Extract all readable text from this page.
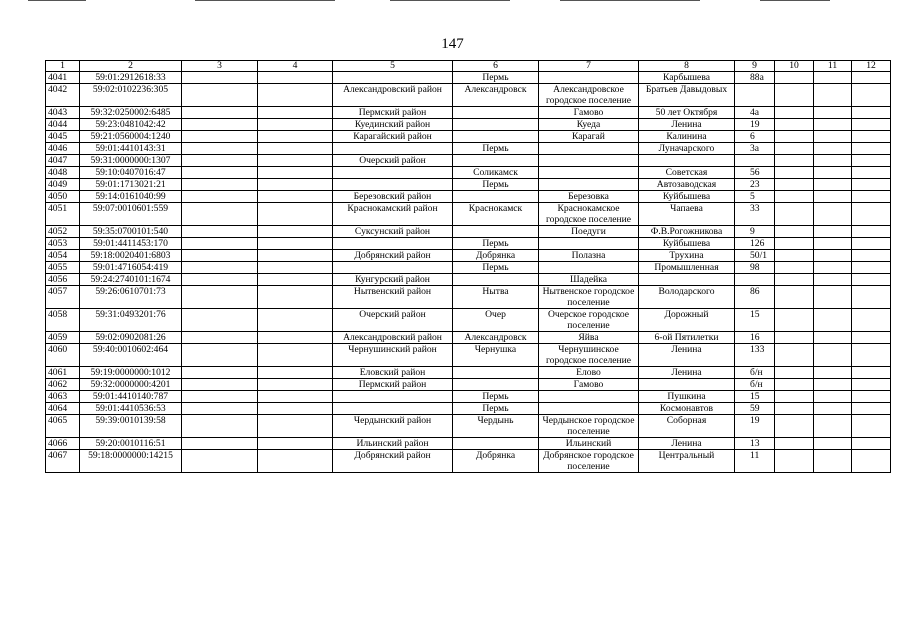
147
1	2	3	4	5	6	7	8	9	10	11	12
4041	59:01:2912618:33				Пермь		Карбышева	88а			
4042	59:02:0102236:305			Александровский район	Александровск	Александровское городское поселение	Братьев Давыдовых				
4043	59:32:0250002:6485			Пермский район		Гамово	50 лет Октября	4а			
4044	59:23:0481042:42			Куединский район		Куеда	Ленина	19			
4045	59:21:0560004:1240			Карагайский район		Карагай	Калинина	6			
4046	59:01:4410143:31				Пермь		Луначарского	3а			
4047	59:31:0000000:1307			Очерский район							
4048	59:10:0407016:47				Соликамск		Советская	56			
4049	59:01:1713021:21				Пермь		Автозаводская	23			
4050	59:14:0161040:99			Березовский район		Березовка	Куйбышева	5			
4051	59:07:0010601:559			Краснокамский район	Краснокамск	Краснокамское городское поселение	Чапаева	33			
4052	59:35:0700101:540			Суксунский район		Поедуги	Ф.В.Рогожникова	9			
4053	59:01:4411453:170				Пермь		Куйбышева	126			
4054	59:18:0020401:6803			Добрянский район	Добрянка	Полазна	Трухина	50/1			
4055	59:01:4716054:419				Пермь		Промышленная	98			
4056	59:24:2740101:1674			Кунгурский район		Шадейка					
4057	59:26:0610701:73			Нытвенский район	Нытва	Нытвенское городское поселение	Володарского	86			
4058	59:31:0493201:76			Очерский район	Очер	Очерское городское поселение	Дорожный	15			
4059	59:02:0902081:26			Александровский район	Александровск	Яйва	6-ой Пятилетки	16			
4060	59:40:0010602:464			Чернушинский район	Чернушка	Чернушинское городское поселение	Ленина	133			
4061	59:19:0000000:1012			Еловский район		Елово	Ленина	б/н			
4062	59:32:0000000:4201			Пермский район		Гамово		б/н			
4063	59:01:4410140:787				Пермь		Пушкина	15			
4064	59:01:4410536:53				Пермь		Космонавтов	59			
4065	59:39:0010139:58			Чердынский район	Чердынь	Чердынское городское поселение	Соборная	19			
4066	59:20:0010116:51			Ильинский район		Ильинский	Ленина	13			
4067	59:18:0000000:14215			Добрянский район	Добрянка	Добрянское городское поселение	Центральный	11			
